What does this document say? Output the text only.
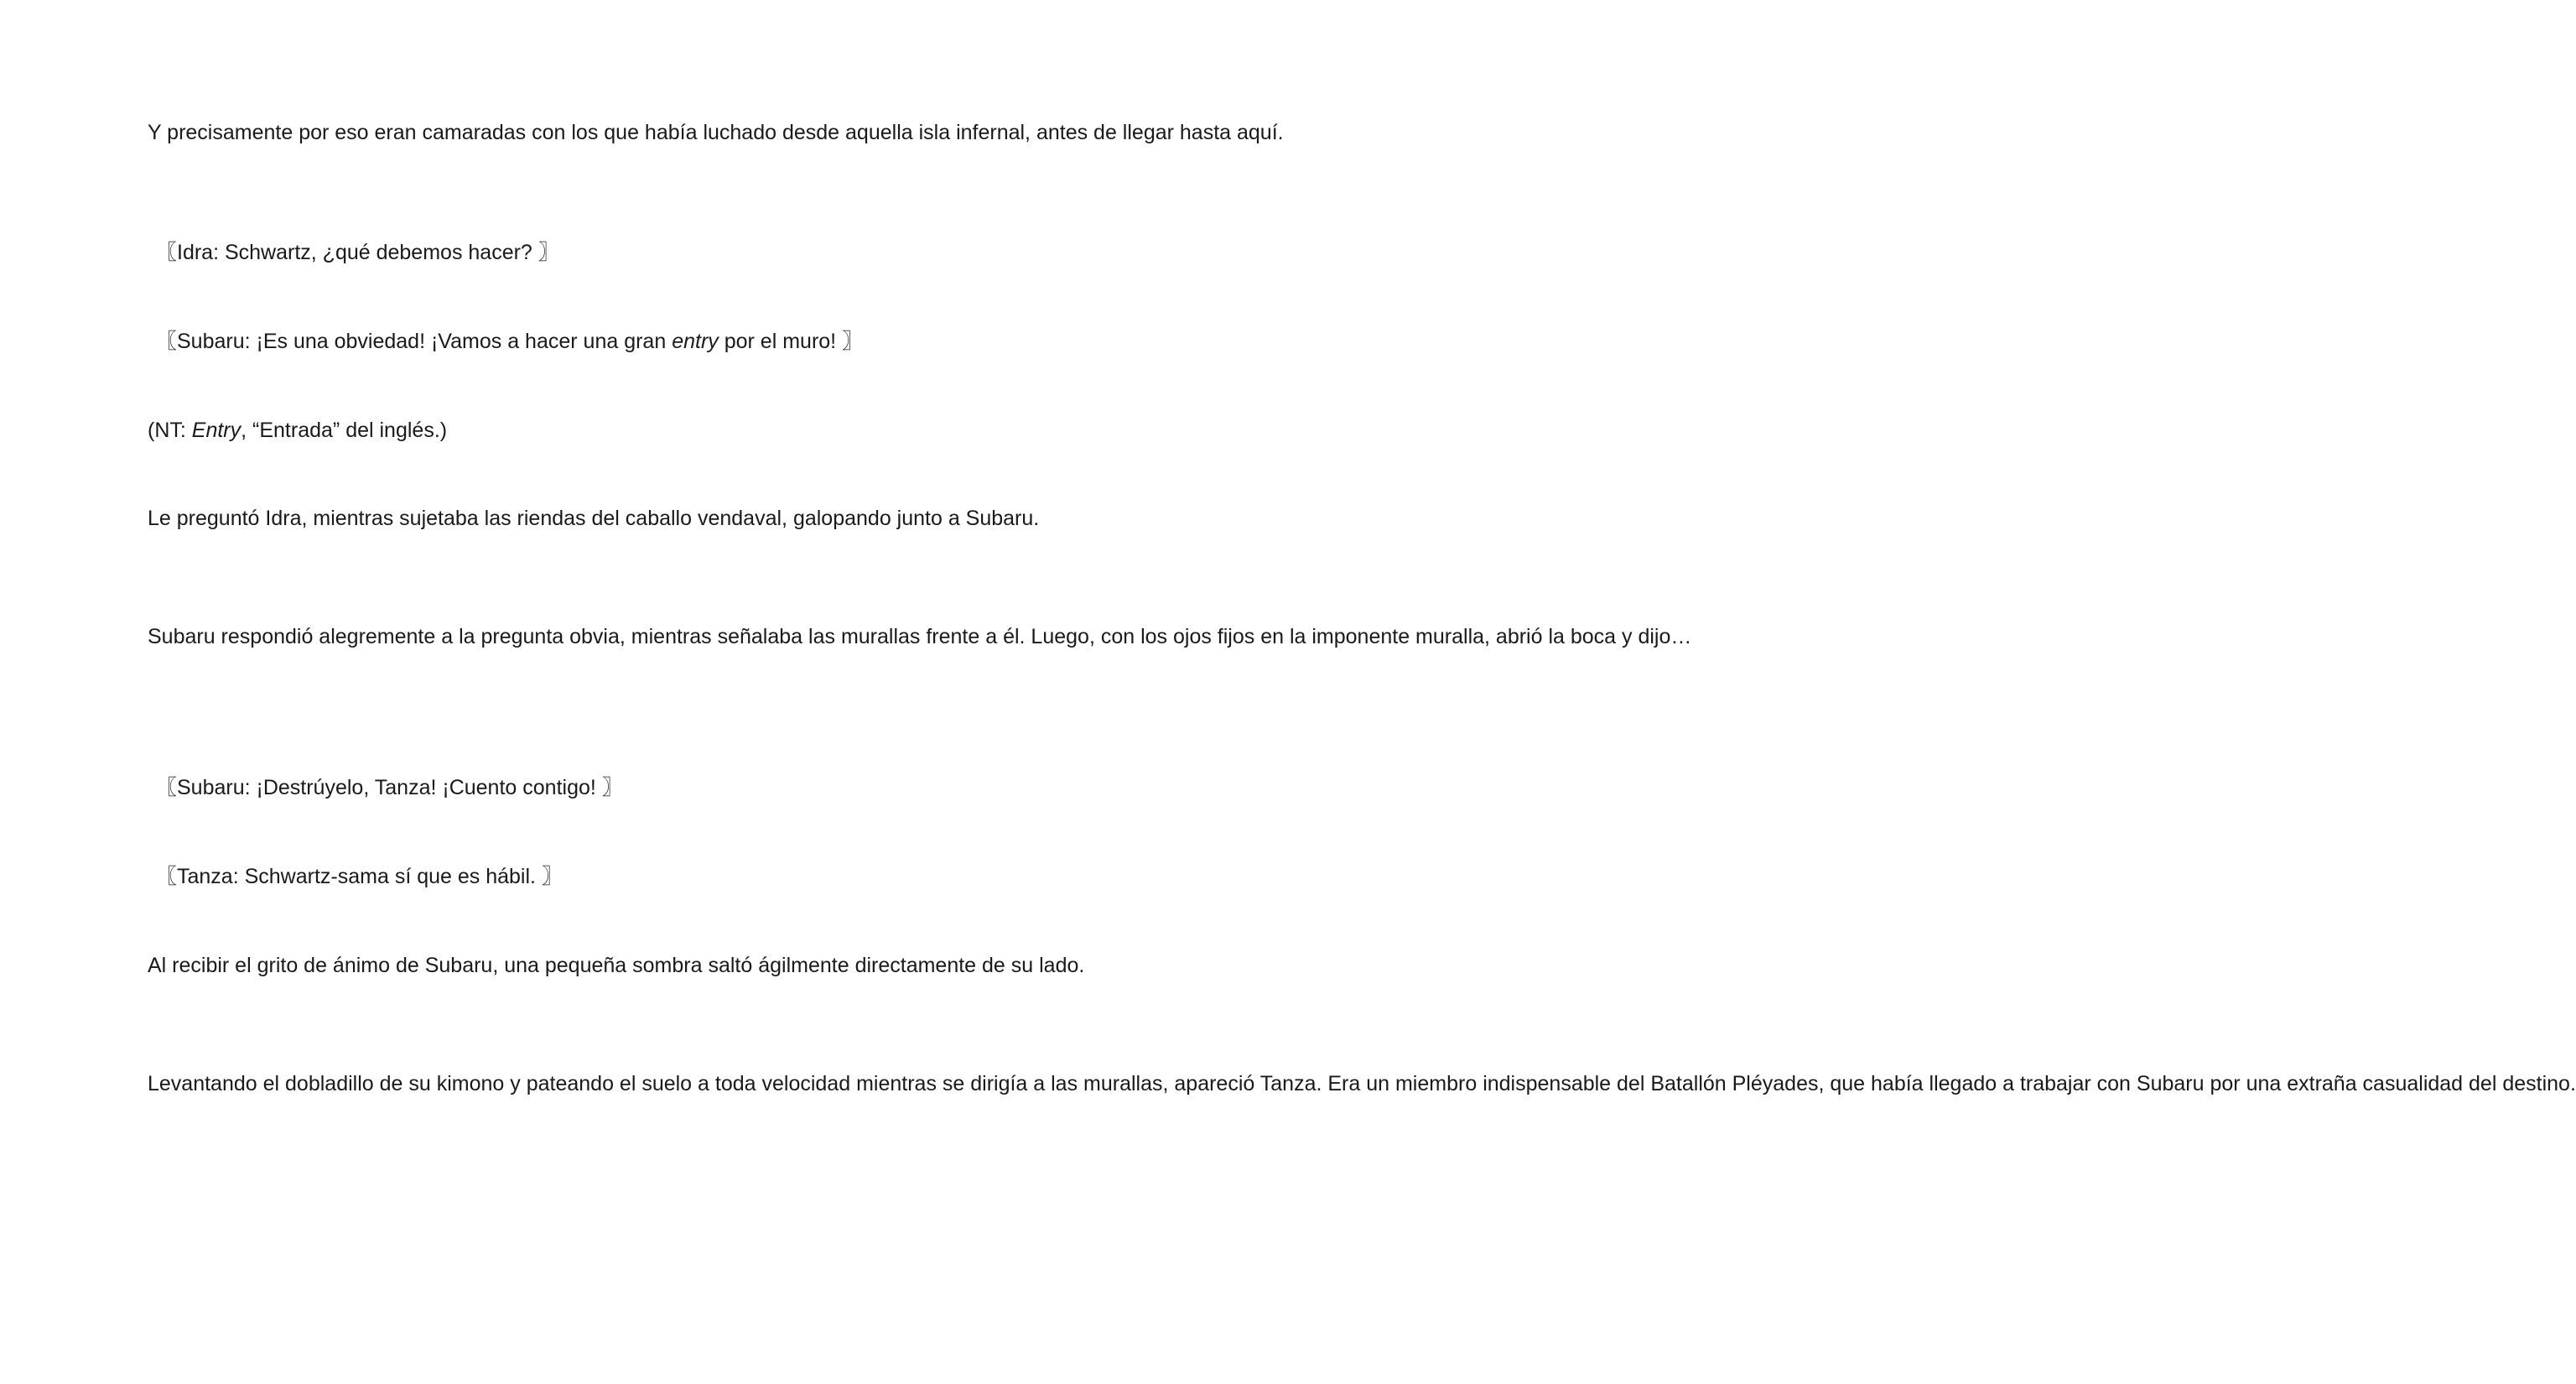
Y precisamente por eso eran camaradas con los que había luchado desde aquella isla infernal, antes de llegar hasta aquí.

〖Idra: Schwartz, ¿qué debemos hacer? 〗

〖Subaru: ¡Es una obviedad! ¡Vamos a hacer una gran entry por el muro! 〗

(NT: Entry, “Entrada” del inglés.)

Le preguntó Idra, mientras sujetaba las riendas del caballo vendaval, galopando junto a Subaru.

Subaru respondió alegremente a la pregunta obvia, mientras señalaba las murallas frente a él. Luego, con los ojos fijos en la imponente muralla, abrió la boca y dijo…

〖Subaru: ¡Destrúyelo, Tanza! ¡Cuento contigo! 〗

〖Tanza: Schwartz-sama sí que es hábil. 〗

Al recibir el grito de ánimo de Subaru, una pequeña sombra saltó ágilmente directamente de su lado.

Levantando el dobladillo de su kimono y pateando el suelo a toda velocidad mientras se dirigía a las murallas, apareció Tanza. Era un miembro indispensable del Batallón Pléyades, que había llegado a trabajar con Subaru por una extraña casualidad del destino.
